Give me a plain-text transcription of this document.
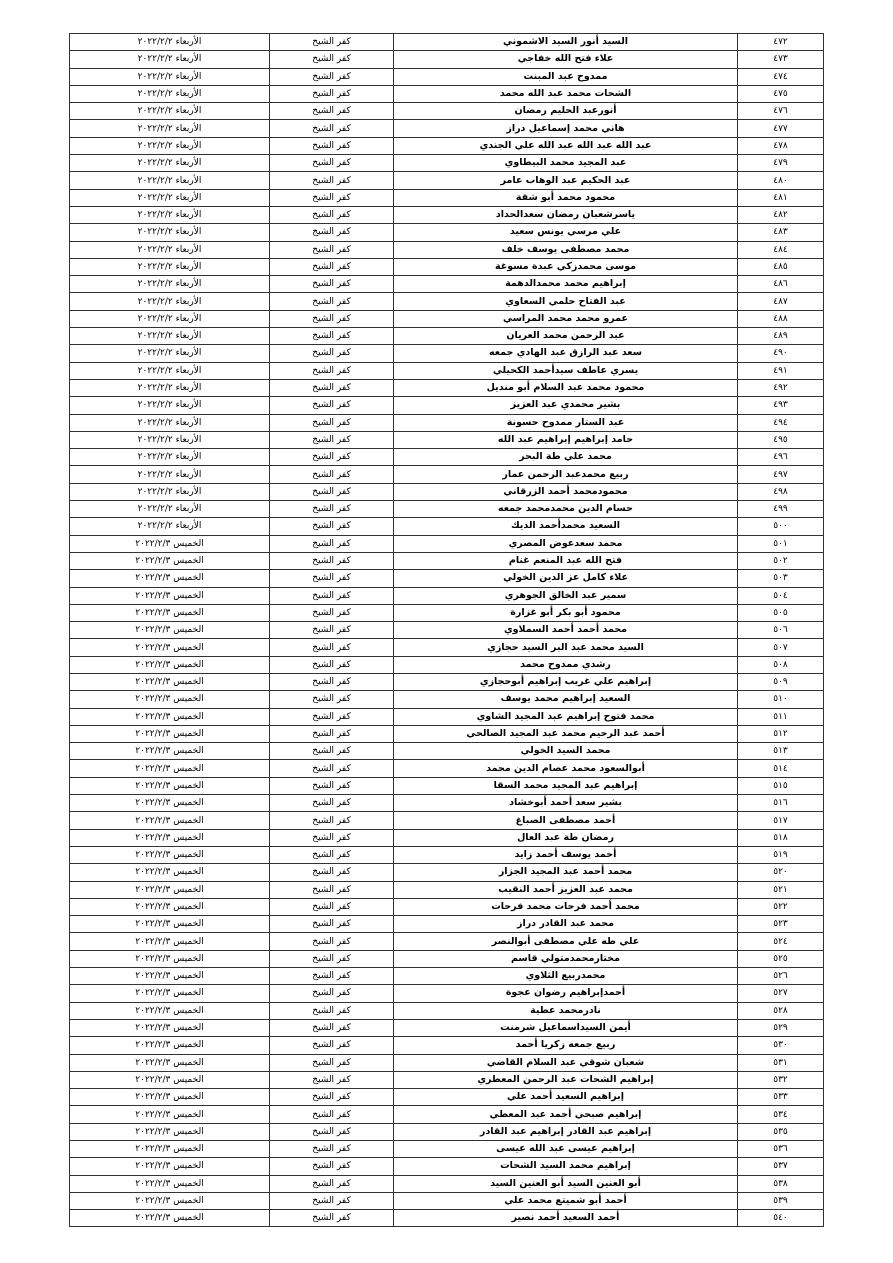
الأربعاء ٢٠٢٢/٢/٢	كفر الشيخ	السيد أنور السيد الاشموني	٤٧٢
الأربعاء ٢٠٢٢/٢/٢	كفر الشيخ	علاء فتح الله خفاجي	٤٧٣
الأربعاء ٢٠٢٢/٢/٢	كفر الشيخ	ممدوح عبد المبنت	٤٧٤
الأربعاء ٢٠٢٢/٢/٢	كفر الشيخ	الشحات محمد عبد الله محمد	٤٧٥
الأربعاء ٢٠٢٢/٢/٢	كفر الشيخ	أنورعبد الحليم رمضان	٤٧٦
الأربعاء ٢٠٢٢/٢/٢	كفر الشيخ	هاني محمد إسماعيل دراز	٤٧٧
الأربعاء ٢٠٢٢/٢/٢	كفر الشيخ	عبد الله عبد الله عبد الله علي الجندي	٤٧٨
الأربعاء ٢٠٢٢/٢/٢	كفر الشيخ	عبد المجيد محمد البيطاوي	٤٧٩
الأربعاء ٢٠٢٢/٢/٢	كفر الشيخ	عبد الحكيم عبد الوهاب عامر	٤٨٠
الأربعاء ٢٠٢٢/٢/٢	كفر الشيخ	محمود محمد أبو شقة	٤٨١
الأربعاء ٢٠٢٢/٢/٢	كفر الشيخ	ياسرشعبان رمضان سعدالحداد	٤٨٢
الأربعاء ٢٠٢٢/٢/٢	كفر الشيخ	علي مرسي يونس سعيد	٤٨٣
الأربعاء ٢٠٢٢/٢/٢	كفر الشيخ	محمد مصطفى يوسف خلف	٤٨٤
الأربعاء ٢٠٢٢/٢/٢	كفر الشيخ	موسى محمدزكي عبدة مسوغة	٤٨٥
الأربعاء ٢٠٢٢/٢/٢	كفر الشيخ	إبراهيم محمد محمدالدهمة	٤٨٦
الأربعاء ٢٠٢٢/٢/٢	كفر الشيخ	عبد الفتاح حلمي السعاوي	٤٨٧
الأربعاء ٢٠٢٢/٢/٢	كفر الشيخ	عمرو محمد محمد المراسي	٤٨٨
الأربعاء ٢٠٢٢/٢/٢	كفر الشيخ	عبد الرحمن محمد العريان	٤٨٩
الأربعاء ٢٠٢٢/٢/٢	كفر الشيخ	سعد عبد الرازق عبد الهادي جمعه	٤٩٠
الأربعاء ٢٠٢٢/٢/٢	كفر الشيخ	يسري عاطف سيدأحمد الكحيلي	٤٩١
الأربعاء ٢٠٢٢/٢/٢	كفر الشيخ	محمود محمد عبد السلام أبو منديل	٤٩٢
الأربعاء ٢٠٢٢/٢/٢	كفر الشيخ	بشير محمدي عبد العزيز	٤٩٣
الأربعاء ٢٠٢٢/٢/٢	كفر الشيخ	عبد الستار ممدوح حسونة	٤٩٤
الأربعاء ٢٠٢٢/٢/٢	كفر الشيخ	حامد إبراهيم إبراهيم عبد الله	٤٩٥
الأربعاء ٢٠٢٢/٢/٢	كفر الشيخ	محمد علي طة البحر	٤٩٦
الأربعاء ٢٠٢٢/٢/٢	كفر الشيخ	ربيع محمدعبد الرحمن عمار	٤٩٧
الأربعاء ٢٠٢٢/٢/٢	كفر الشيخ	محمودمحمد أحمد الزرقاني	٤٩٨
الأربعاء ٢٠٢٢/٢/٢	كفر الشيخ	حسام الدين محمدمحمد جمعه	٤٩٩
الأربعاء ٢٠٢٢/٢/٢	كفر الشيخ	السعيد محمدأحمد الديك	٥٠٠
الخميس ٢٠٢٢/٢/٣	كفر الشيخ	محمد سعدعوض المصري	٥٠١
الخميس ٢٠٢٢/٢/٣	كفر الشيخ	فتح الله عبد المنعم غنام	٥٠٢
الخميس ٢٠٢٢/٢/٣	كفر الشيخ	علاء كامل عز الدين الخولي	٥٠٣
الخميس ٢٠٢٢/٢/٣	كفر الشيخ	سمير عبد الخالق الجوهري	٥٠٤
الخميس ٢٠٢٢/٢/٣	كفر الشيخ	محمود أبو بكر أبو غزارة	٥٠٥
الخميس ٢٠٢٢/٢/٣	كفر الشيخ	محمد أحمد أحمد السملاوي	٥٠٦
الخميس ٢٠٢٢/٢/٣	كفر الشيخ	السيد محمد عبد البر السيد حجازي	٥٠٧
الخميس ٢٠٢٢/٢/٣	كفر الشيخ	رشدي ممدوح محمد	٥٠٨
الخميس ٢٠٢٢/٢/٣	كفر الشيخ	إبراهيم علي غريب إبراهيم أبوحجازي	٥٠٩
الخميس ٢٠٢٢/٢/٣	كفر الشيخ	السعيد إبراهيم محمد يوسف	٥١٠
الخميس ٢٠٢٢/٢/٣	كفر الشيخ	محمد فتوح إبراهيم عبد المجيد الشاوي	٥١١
الخميس ٢٠٢٢/٢/٣	كفر الشيخ	أحمد عبد الرحيم محمد عبد المجيد الصالحي	٥١٢
الخميس ٢٠٢٢/٢/٣	كفر الشيخ	محمد السيد الخولي	٥١٣
الخميس ٢٠٢٢/٢/٣	كفر الشيخ	أبوالسعود محمد عصام الدين محمد	٥١٤
الخميس ٢٠٢٢/٢/٣	كفر الشيخ	إبراهيم عبد المجيد محمد السقا	٥١٥
الخميس ٢٠٢٢/٢/٣	كفر الشيخ	بشير سعد أحمد أبوخشاد	٥١٦
الخميس ٢٠٢٢/٢/٣	كفر الشيخ	أحمد مصطفى الصباغ	٥١٧
الخميس ٢٠٢٢/٢/٣	كفر الشيخ	رمضان طة عبد العال	٥١٨
الخميس ٢٠٢٢/٢/٣	كفر الشيخ	أحمد يوسف أحمد زايد	٥١٩
الخميس ٢٠٢٢/٢/٣	كفر الشيخ	محمد أحمد عبد المجيد الجزار	٥٢٠
الخميس ٢٠٢٢/٢/٣	كفر الشيخ	محمد عبد العزيز أحمد النقيب	٥٢١
الخميس ٢٠٢٢/٢/٣	كفر الشيخ	محمد أحمد فرحات محمد فرحات	٥٢٢
الخميس ٢٠٢٢/٢/٣	كفر الشيخ	محمد عبد القادر دراز	٥٢٣
الخميس ٢٠٢٢/٢/٣	كفر الشيخ	علي طه علي مصطفى أبوالنصر	٥٢٤
الخميس ٢٠٢٢/٢/٣	كفر الشيخ	مختارمحمدمتولي قاسم	٥٢٥
الخميس ٢٠٢٢/٢/٣	كفر الشيخ	محمدربيع الثلاوي	٥٢٦
الخميس ٢٠٢٢/٢/٣	كفر الشيخ	أحمدإبراهيم رضوان عجوة	٥٢٧
الخميس ٢٠٢٢/٢/٣	كفر الشيخ	نادرمحمد عطية	٥٢٨
الخميس ٢٠٢٢/٢/٣	كفر الشيخ	أيمن السيداسماعيل شرمنت	٥٢٩
الخميس ٢٠٢٢/٢/٣	كفر الشيخ	ربيع جمعه زكريا أحمد	٥٣٠
الخميس ٢٠٢٢/٢/٣	كفر الشيخ	شعبان شوقي عبد السلام القاضي	٥٣١
الخميس ٢٠٢٢/٢/٣	كفر الشيخ	إبراهيم الشحات عبد الرحمن المعطري	٥٣٢
الخميس ٢٠٢٢/٢/٣	كفر الشيخ	إبراهيم السعيد أحمد علي	٥٣٣
الخميس ٢٠٢٢/٢/٣	كفر الشيخ	إبراهيم صبحي أحمد عبد المعطي	٥٣٤
الخميس ٢٠٢٢/٢/٣	كفر الشيخ	إبراهيم عبد القادر إبراهيم عبد القادر	٥٣٥
الخميس ٢٠٢٢/٢/٣	كفر الشيخ	إبراهيم عيسى عبد الله عيسى	٥٣٦
الخميس ٢٠٢٢/٢/٣	كفر الشيخ	إبراهيم محمد السيد الشحات	٥٣٧
الخميس ٢٠٢٢/٢/٣	كفر الشيخ	أبو العنين السيد أبو العنين السيد	٥٣٨
الخميس ٢٠٢٢/٢/٣	كفر الشيخ	أحمد أبو شميتع محمد علي	٥٣٩
الخميس ٢٠٢٢/٢/٣	كفر الشيخ	أحمد السعيد أحمد نصير	٥٤٠
